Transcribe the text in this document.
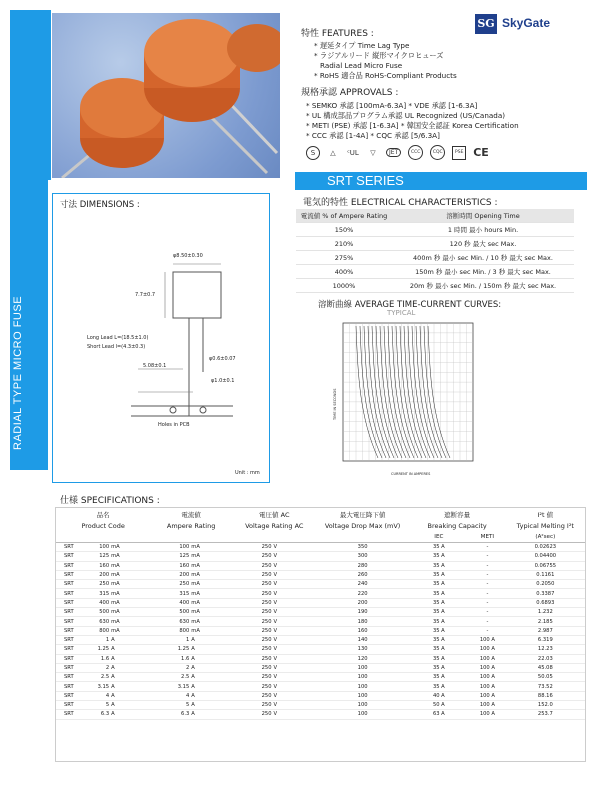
RADIAL TYPE MICRO FUSE
SG SkyGate
特性 FEATURES :
* 遅延タイプ Time Lag Type
* ラジアルリード 縦形マイクロヒューズ
Radial Lead Micro Fuse
* RoHS 適合品 RoHS-Compliant Products
規格承認 APPROVALS :
* SEMKO 承認 [100mA-6.3A] * VDE 承認 [1-6.3A]
* UL 構成部品プログラム承認 UL Recognized (US/Canada)
* METI (PSE) 承認 [1-6.3A] * 韓国安全認証 Korea Certification
* CCC 承認 [1-4A] * CQC 承認 [5/6.3A]
S	△	ᶜUL	▽	JET	CCC	CQC	PSE CE
SRT SERIES
寸法 DIMENSIONS :
φ8.50±0.30
7.7±0.7
Long Lead L=(18.5±1.0)
Short Lead l=(4.3±0.3)
φ0.6±0.07
5.08±0.1
φ1.0±0.1
Holes in PCB
Unit : mm
電気的特性 ELECTRICAL CHARACTERISTICS :
電流値 % of Ampere Rating	溶断時間 Opening Time
150%	1 時間 最小 hours Min.
210%	120 秒 最大 sec Max.
275%	400m 秒 最小 sec Min. / 10 秒 最大 sec Max.
400%	150m 秒 最小 sec Min. / 3 秒 最大 sec Max.
1000%	20m 秒 最小 sec Min. / 150m 秒 最大 sec Max.
溶断曲線 AVERAGE TIME-CURRENT CURVES:
TYPICAL
CURRENT IN AMPERES
TIME IN SECONDS
仕様 SPECIFICATIONS :
品名			電流値		電圧値 AC		最大電圧降下値	遮断容量		I²t 値
Product Code			Ampere Rating		Voltage Rating AC		Voltage Drop Max (mV)	Breaking Capacity		Typical Melting I²t
								IEC	METI	(A²sec)
SRT	100	mA	100	mA	250	V	350	35 A	-	0.02623
SRT	125	mA	125	mA	250	V	300	35 A	-	0.04400
SRT	160	mA	160	mA	250	V	280	35 A	-	0.06755
SRT	200	mA	200	mA	250	V	260	35 A	-	0.1161
SRT	250	mA	250	mA	250	V	240	35 A	-	0.2050
SRT	315	mA	315	mA	250	V	220	35 A	-	0.3387
SRT	400	mA	400	mA	250	V	200	35 A	-	0.6893
SRT	500	mA	500	mA	250	V	190	35 A	-	1.232
SRT	630	mA	630	mA	250	V	180	35 A	-	2.185
SRT	800	mA	800	mA	250	V	160	35 A	-	2.987
SRT	1	A	1	A	250	V	140	35 A	100 A	6.319
SRT	1.25	A	1.25	A	250	V	130	35 A	100 A	12.23
SRT	1.6	A	1.6	A	250	V	120	35 A	100 A	22.03
SRT	2	A	2	A	250	V	100	35 A	100 A	45.08
SRT	2.5	A	2.5	A	250	V	100	35 A	100 A	50.05
SRT	3.15	A	3.15	A	250	V	100	35 A	100 A	73.52
SRT	4	A	4	A	250	V	100	40 A	100 A	88.16
SRT	5	A	5	A	250	V	100	50 A	100 A	152.0
SRT	6.3	A	6.3	A	250	V	100	63 A	100 A	253.7
